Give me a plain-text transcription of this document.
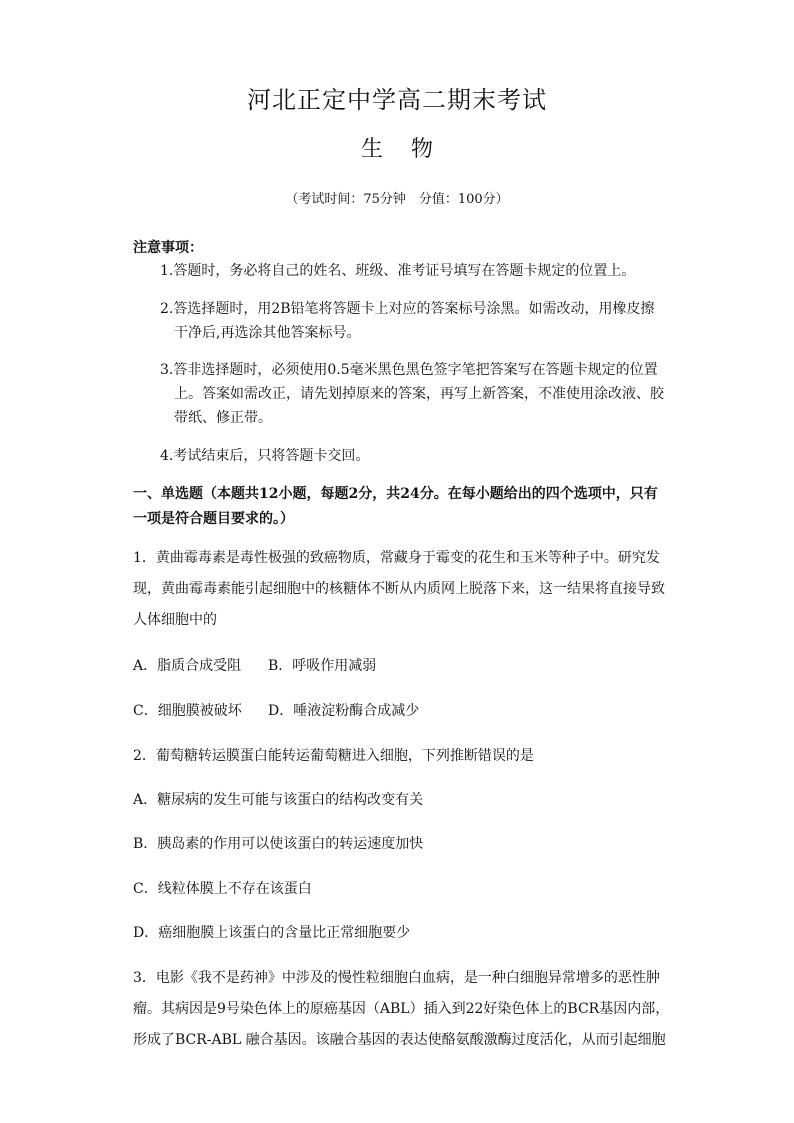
河北正定中学高二期末考试
生 物
（考试时间：75分钟　分值：100分）
注意事项：
1.答题时，务必将自己的姓名、班级、准考证号填写在答题卡规定的位置上。
2.答选择题时，用2B铅笔将答题卡上对应的答案标号涂黑。如需改动，用橡皮擦
干净后,再选涂其他答案标号。
3.答非选择题时，必须使用0.5毫米黑色黑色签字笔把答案写在答题卡规定的位置
上。答案如需改正，请先划掉原来的答案，再写上新答案，不准使用涂改液、胶
带纸、修正带。
4.考试结束后，只将答题卡交回。
一、单选题（本题共12小题，每题2分，共24分。在每小题给出的四个选项中，只有
一项是符合题目要求的。）
1．黄曲霉毒素是毒性极强的致癌物质，常藏身于霉变的花生和玉米等种子中。研究发
现，黄曲霉毒素能引起细胞中的核糖体不断从内质网上脱落下来，这一结果将直接导致
人体细胞中的
A．脂质合成受阻 B．呼吸作用减弱
C．细胞膜被破坏 D．唾液淀粉酶合成减少
2．葡萄糖转运膜蛋白能转运葡萄糖进入细胞，下列推断错误的是
A．糖尿病的发生可能与该蛋白的结构改变有关
B．胰岛素的作用可以使该蛋白的转运速度加快
C．线粒体膜上不存在该蛋白
D．癌细胞膜上该蛋白的含量比正常细胞要少
3．电影《我不是药神》中涉及的慢性粒细胞白血病，是一种白细胞异常增多的恶性肿
瘤。其病因是9号染色体上的原癌基因（ABL）插入到22好染色体上的BCR基因内部，
形成了BCR-ABL 融合基因。该融合基因的表达使酪氨酸激酶过度活化，从而引起细胞
